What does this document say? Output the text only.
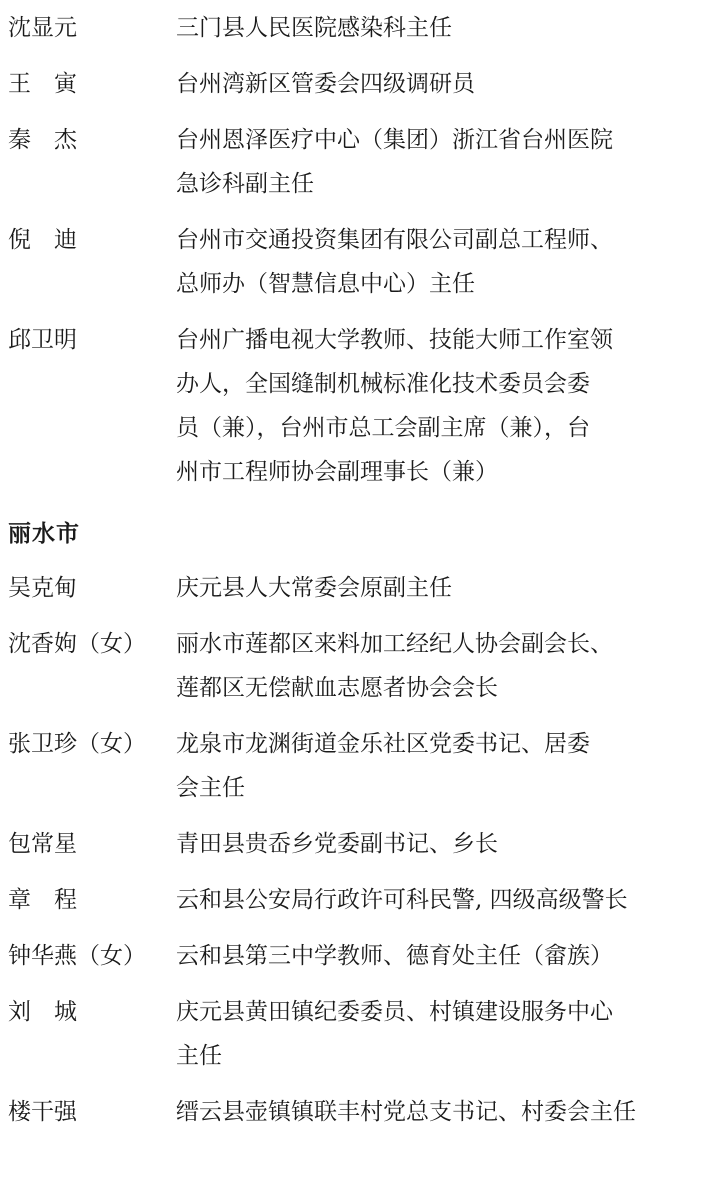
沈显元	三门县人民医院感染科主任
王　寅	台州湾新区管委会四级调研员
秦　杰	台州恩泽医疗中心（集团）浙江省台州医院
急诊科副主任
倪　迪	台州市交通投资集团有限公司副总工程师、
总师办（智慧信息中心）主任
邱卫明	台州广播电视大学教师、技能大师工作室领
办人，全国缝制机械标准化技术委员会委
员（兼），台州市总工会副主席（兼），台
州市工程师协会副理事长（兼）
丽水市
吴克甸	庆元县人大常委会原副主任
沈香姁（女）	丽水市莲都区来料加工经纪人协会副会长、
莲都区无偿献血志愿者协会会长
张卫珍（女）	龙泉市龙渊街道金乐社区党委书记、居委
会主任
包常星	青田县贵岙乡党委副书记、乡长
章　程	云和县公安局行政许可科民警, 四级高级警长
钟华燕（女）	云和县第三中学教师、德育处主任（畲族）
刘　城	庆元县黄田镇纪委委员、村镇建设服务中心
主任
楼干强	缙云县壶镇镇联丰村党总支书记、村委会主任
